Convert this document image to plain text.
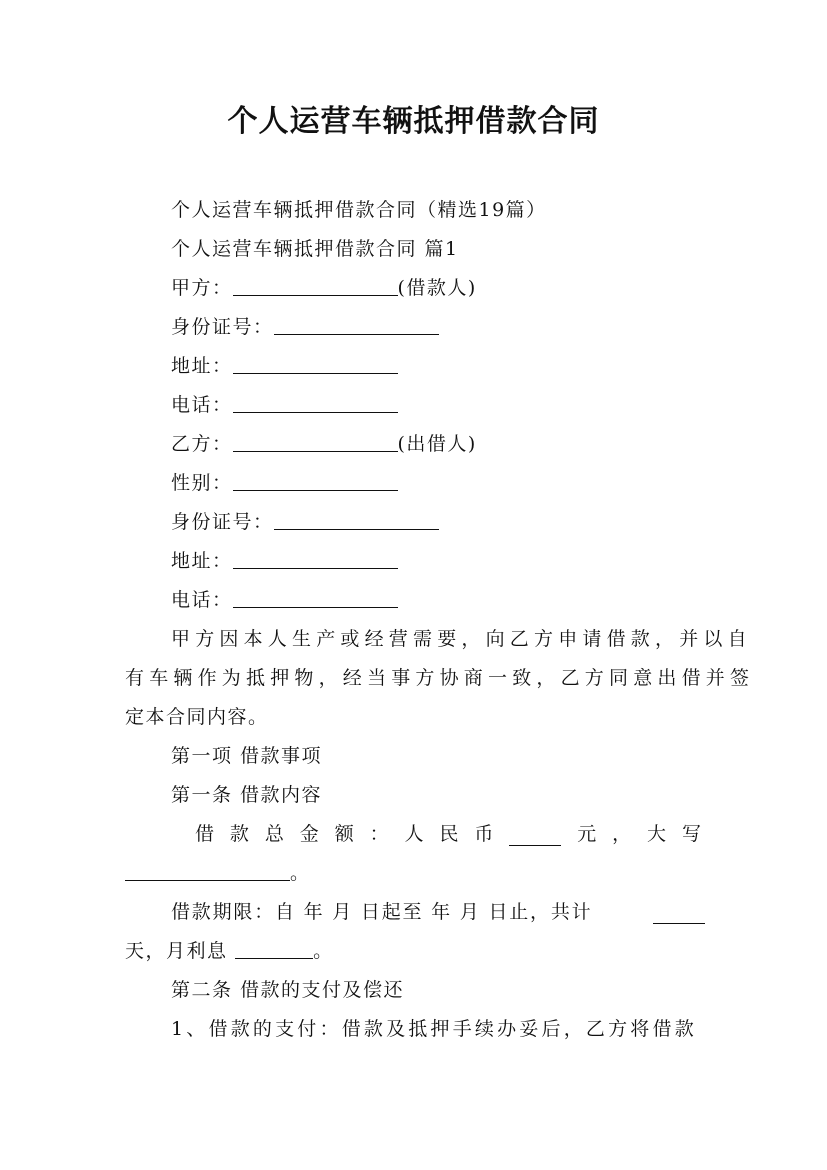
个人运营车辆抵押借款合同
个人运营车辆抵押借款合同（精选19篇）
个人运营车辆抵押借款合同 篇1
甲方：	(借款人)
身份证号：
地址：
电话：
乙方：	(出借人)
性别：
身份证号：
地址：
电话：
甲方因本人生产或经营需要，向乙方申请借款，并以自
有车辆作为抵押物，经当事方协商一致，乙方同意出借并签
定本合同内容。
第一项 借款事项
第一条 借款内容
借 款 总 金 额 ： 人 民 币	元 ， 大 写
。
借款期限：自 年 月 日起至 年 月 日止，共计
天，月利息	。
第二条 借款的支付及偿还
1、借款的支付：借款及抵押手续办妥后，乙方将借款
